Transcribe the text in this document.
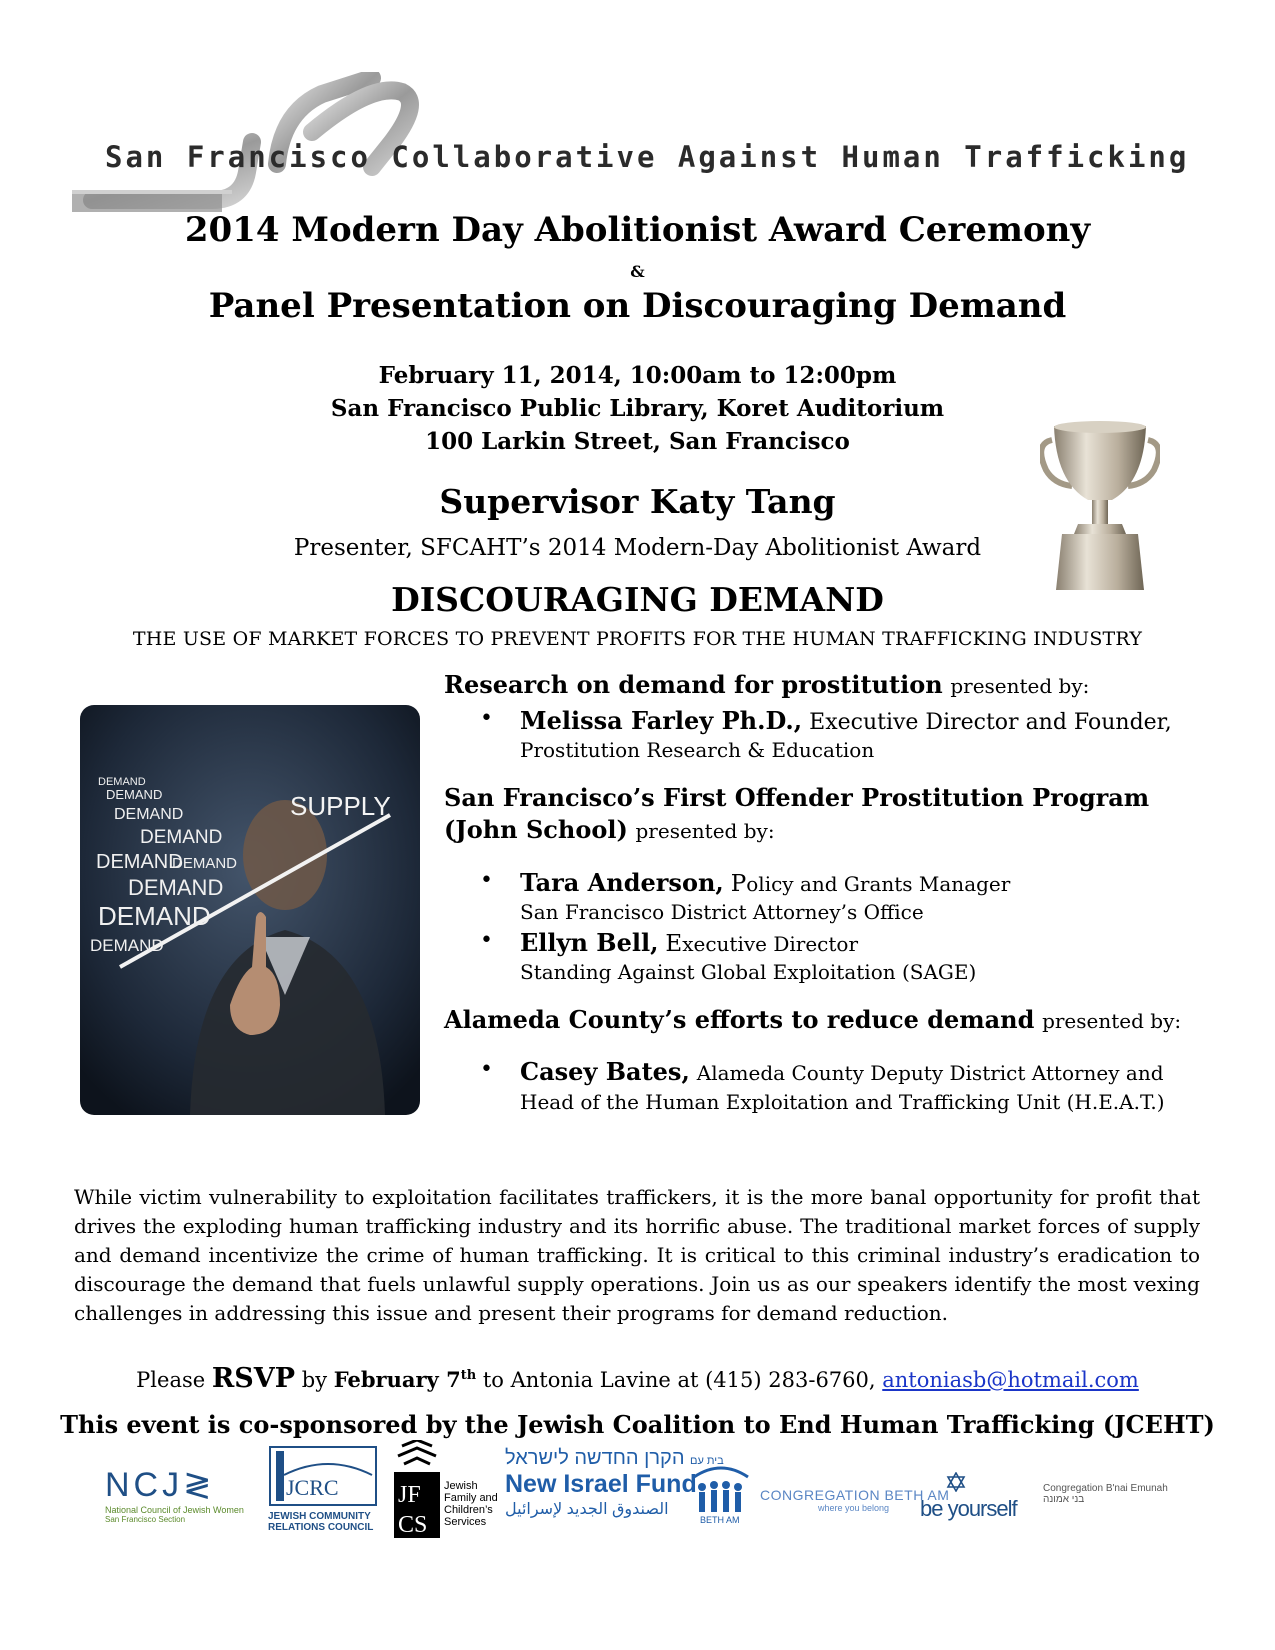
San Francisco Collaborative Against Human Trafficking
2014 Modern Day Abolitionist Award Ceremony
&
Panel Presentation on Discouraging Demand
February 11, 2014, 10:00am to 12:00pm
San Francisco Public Library, Koret Auditorium
100 Larkin Street, San Francisco
Supervisor Katy Tang
Presenter, SFCAHT’s 2014 Modern-Day Abolitionist Award
DISCOURAGING DEMAND
THE USE OF MARKET FORCES TO PREVENT PROFITS FOR THE HUMAN TRAFFICKING INDUSTRY
SUPPLY
DEMAND
DEMAND
DEMAND
DEMAND
DEMAND
DEMAND
DEMAND
DEMAND
DEMAND
Research on demand for prostitution presented by:
• Melissa Farley Ph.D., Executive Director and Founder,
Prostitution Research & Education
San Francisco’s First Offender Prostitution Program
(John School) presented by:
• Tara Anderson, Policy and Grants Manager
San Francisco District Attorney’s Office
• Ellyn Bell, Executive Director
Standing Against Global Exploitation (SAGE)
Alameda County’s efforts to reduce demand presented by:
• Casey Bates, Alameda County Deputy District Attorney and
Head of the Human Exploitation and Trafficking Unit (H.E.A.T.)
While victim vulnerability to exploitation facilitates traffickers, it is the more banal opportunity for profit that drives the exploding human trafficking industry and its horrific abuse. The traditional market forces of supply and demand incentivize the crime of human trafficking. It is critical to this criminal industry’s eradication to discourage the demand that fuels unlawful supply operations. Join us as our speakers identify the most vexing challenges in addressing this issue and present their programs for demand reduction.
Please RSVP by February 7th to Antonia Lavine at (415) 283-6760, antoniasb@hotmail.com
This event is co-sponsored by the Jewish Coalition to End Human Trafficking (JCEHT)
NCJ≷
National Council of Jewish Women
San Francisco Section
JCRC
JEWISH COMMUNITY
RELATIONS COUNCIL
JF
CS
Jewish
Family and
Children’s
Services
הקרן החדשה לישראל
New Israel Fund
الصندوق الجديد لإسرائيل
BETH AM
בית עם
CONGREGATION BETH AM
where you belong	be yourself
Congregation B'nai Emunah
בני אמונה
